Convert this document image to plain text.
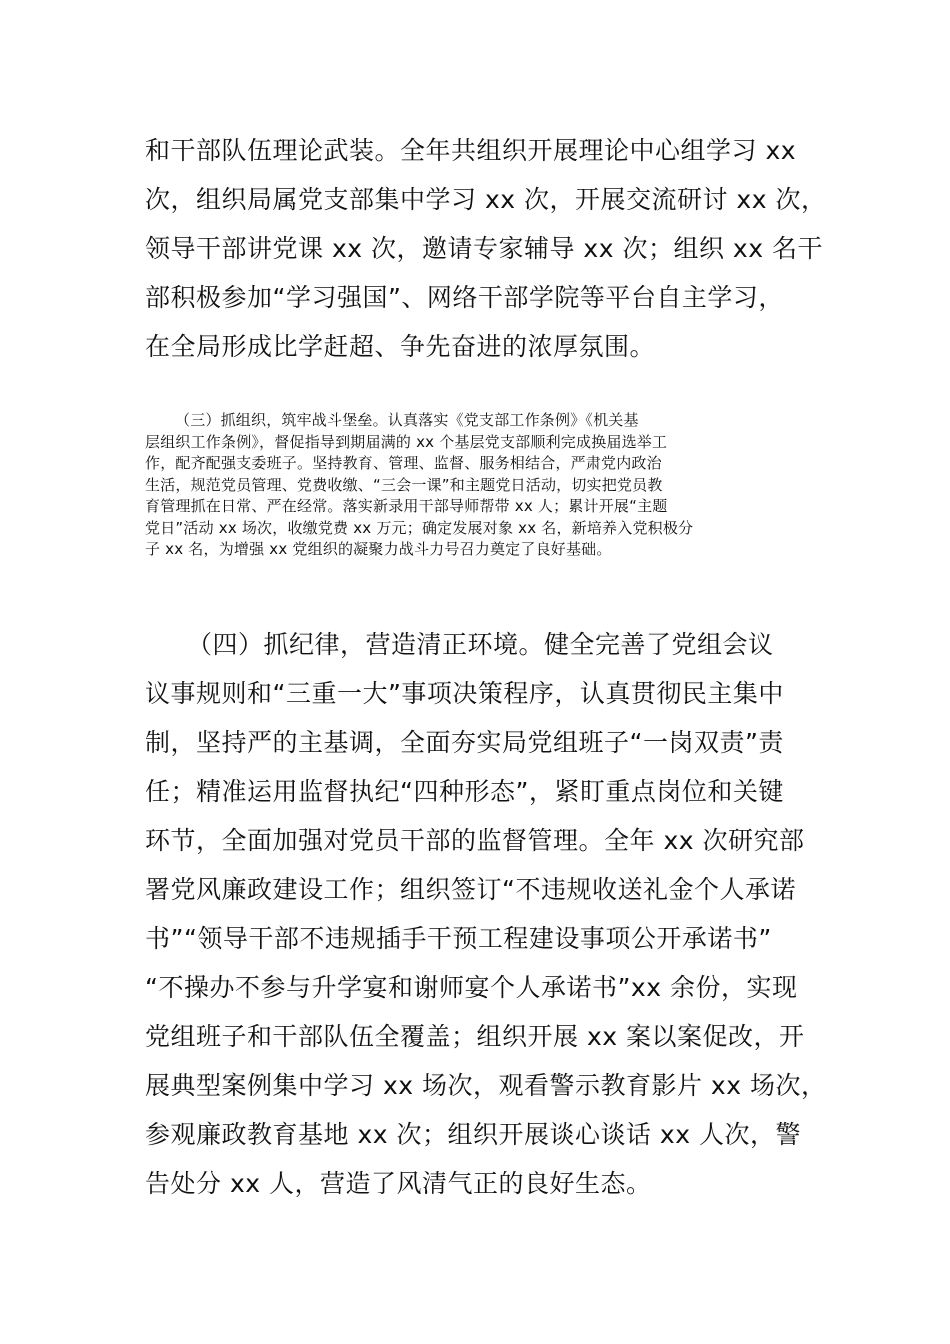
和干部队伍理论武装。全年共组织开展理论中心组学习 xx
次，组织局属党支部集中学习 xx 次，开展交流研讨 xx 次，
领导干部讲党课 xx 次，邀请专家辅导 xx 次；组织 xx 名干
部积极参加“学习强国”、网络干部学院等平台自主学习，
在全局形成比学赶超、争先奋进的浓厚氛围。
（三）抓组织，筑牢战斗堡垒。认真落实《党支部工作条例》《机关基
层组织工作条例》，督促指导到期届满的 xx 个基层党支部顺利完成换届选举工
作，配齐配强支委班子。坚持教育、管理、监督、服务相结合，严肃党内政治
生活，规范党员管理、党费收缴、“三会一课”和主题党日活动，切实把党员教
育管理抓在日常、严在经常。落实新录用干部导师帮带 xx 人；累计开展“主题
党日”活动 xx 场次，收缴党费 xx 万元；确定发展对象 xx 名，新培养入党积极分
子 xx 名，为增强 xx 党组织的凝聚力战斗力号召力奠定了良好基础。
（四）抓纪律，营造清正环境。健全完善了党组会议
议事规则和“三重一大”事项决策程序，认真贯彻民主集中
制，坚持严的主基调，全面夯实局党组班子“一岗双责”责
任；精准运用监督执纪“四种形态”，紧盯重点岗位和关键
环节，全面加强对党员干部的监督管理。全年 xx 次研究部
署党风廉政建设工作；组织签订“不违规收送礼金个人承诺
书”“领导干部不违规插手干预工程建设事项公开承诺书”
“不操办不参与升学宴和谢师宴个人承诺书”xx 余份，实现
党组班子和干部队伍全覆盖；组织开展 xx 案以案促改，开
展典型案例集中学习 xx 场次，观看警示教育影片 xx 场次，
参观廉政教育基地 xx 次；组织开展谈心谈话 xx 人次，警
告处分 xx 人，营造了风清气正的良好生态。
